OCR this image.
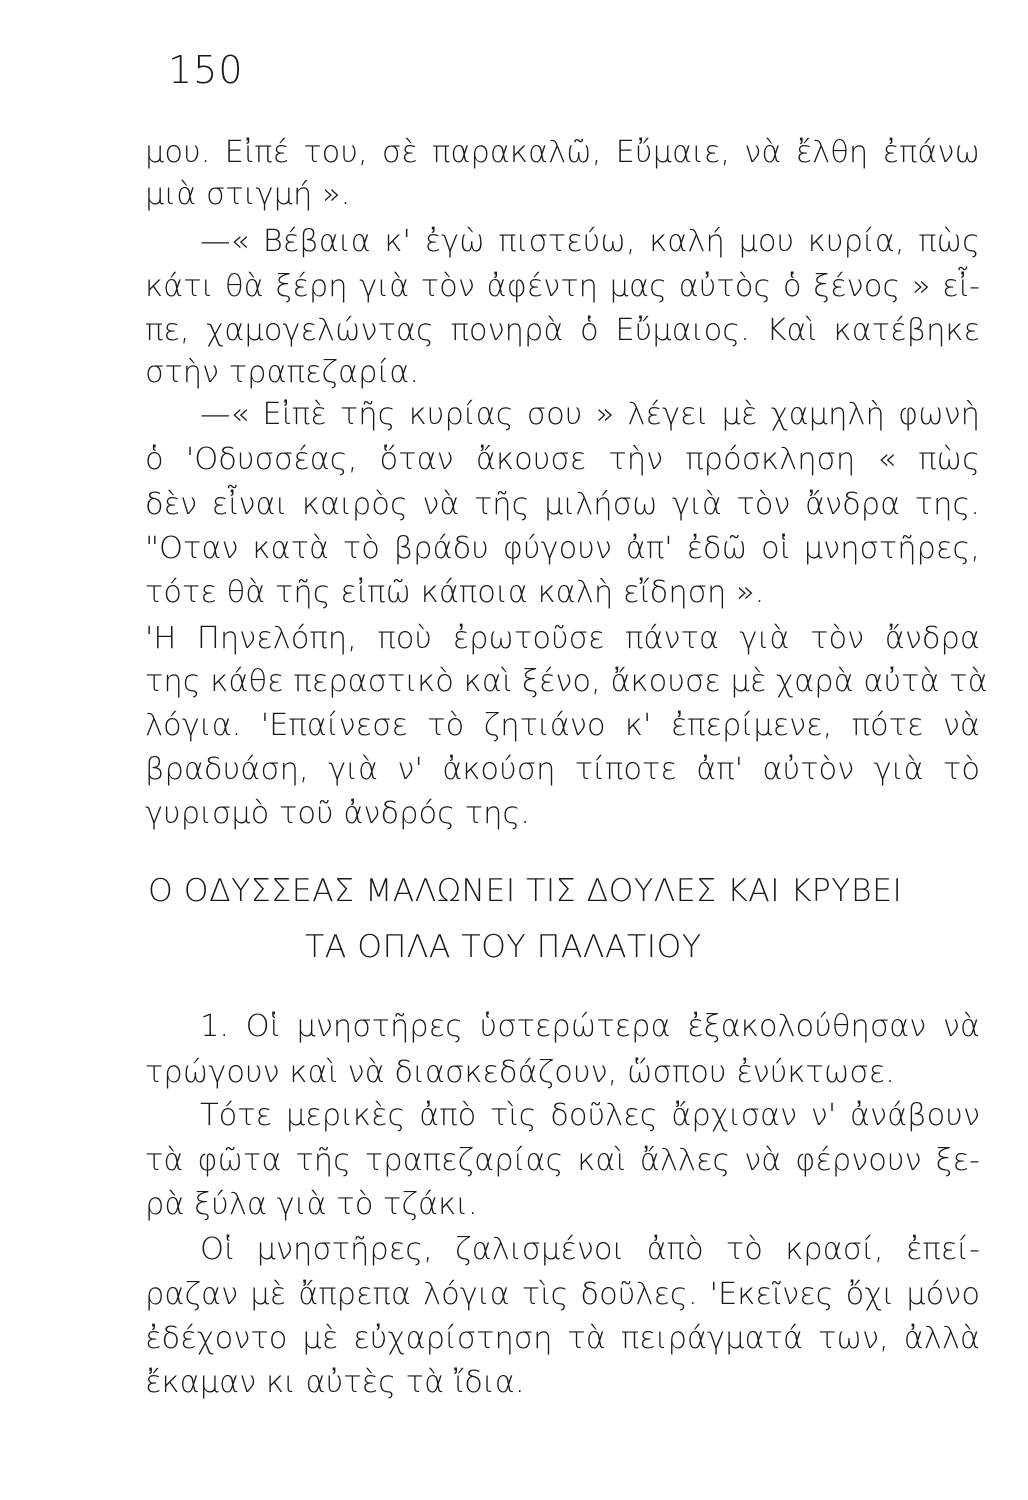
150
μου. Εἰπέ του, σὲ παρακαλῶ, Εὔμαιε, νὰ ἔλθη ἐπάνω
μιὰ στιγμή ».
—« Βέβαια κ' ἐγὼ πιστεύω, καλή μου κυρία, πὼς
κάτι θὰ ξέρη γιὰ τὸν ἀφέντη μας αὐτὸς ὁ ξένος » εἶ-
πε, χαμογελώντας πονηρὰ ὁ Εὔμαιος. Καὶ κατέβηκε
στὴν τραπεζαρία.
—« Εἰπὲ τῆς κυρίας σου » λέγει μὲ χαμηλὴ φωνὴ
ὁ 'Οδυσσέας, ὅταν ἄκουσε τὴν πρόσκληση « πὼς
δὲν εἶναι καιρὸς νὰ τῆς μιλήσω γιὰ τὸν ἄνδρα της.
"Οταν κατὰ τὸ βράδυ φύγουν ἀπ' ἐδῶ οἱ μνηστῆρες,
τότε θὰ τῆς εἰπῶ κάποια καλὴ εἴδηση ».
'Η Πηνελόπη, ποὺ ἐρωτοῦσε πάντα γιὰ τὸν ἄνδρα
της κάθε περαστικὸ καὶ ξένο, ἄκουσε μὲ χαρὰ αὐτὰ τὰ
λόγια. 'Επαίνεσε τὸ ζητιάνο κ' ἐπερίμενε, πότε νὰ
βραδυάση, γιὰ ν' ἀκούση τίποτε ἀπ' αὐτὸν γιὰ τὸ
γυρισμὸ τοῦ ἀνδρός της.
Ο ΟΔΥΣΣΕΑΣ ΜΑΛΩΝΕΙ ΤΙΣ ΔΟΥΛΕΣ ΚΑΙ ΚΡΥΒΕΙ
ΤΑ ΟΠΛΑ ΤΟΥ ΠΑΛΑΤΙΟΥ
1. Οἱ μνηστῆρες ὑστερώτερα ἐξακολούθησαν νὰ
τρώγουν καὶ νὰ διασκεδάζουν, ὥσπου ἐνύκτωσε.
Τότε μερικὲς ἀπὸ τὶς δοῦλες ἄρχισαν ν' ἀνάβουν
τὰ φῶτα τῆς τραπεζαρίας καὶ ἄλλες νὰ φέρνουν ξε-
ρὰ ξύλα γιὰ τὸ τζάκι.
Οἱ μνηστῆρες, ζαλισμένοι ἀπὸ τὸ κρασί, ἐπεί-
ραζαν μὲ ἄπρεπα λόγια τὶς δοῦλες. 'Εκεῖνες ὄχι μόνο
ἐδέχοντο μὲ εὐχαρίστηση τὰ πειράγματά των, ἀλλὰ
ἔκαμαν κι αὐτὲς τὰ ἴδια.
